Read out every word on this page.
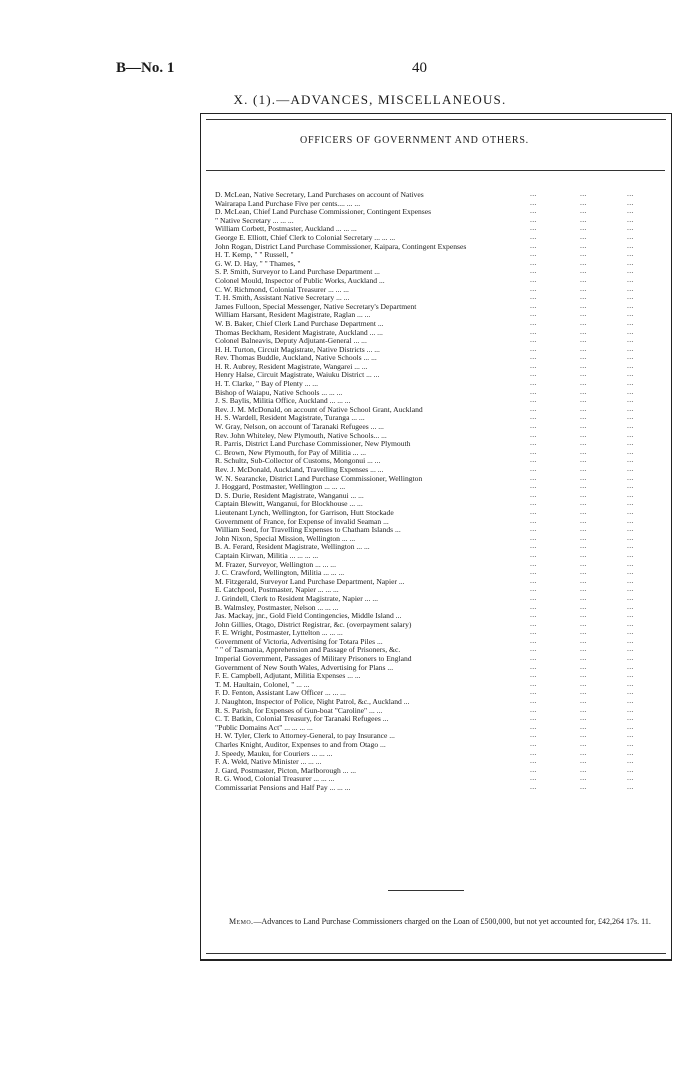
B—No. 1	40
X. (1).—ADVANCES, MISCELLANEOUS.
OFFICERS OF GOVERNMENT AND OTHERS.
D. McLean, Native Secretary, Land Purchases on account of Natives	...	...	...
Wairarapa Land Purchase Five per cents.... ... ...	...	...	...
D. McLean, Chief Land Purchase Commissioner, Contingent Expenses	...	...	...
" Native Secretary ... ... ...	...	...	...
William Corbett, Postmaster, Auckland ... ... ...	...	...	...
George E. Elliott, Chief Clerk to Colonial Secretary ... ... ...	...	...	...
John Rogan, District Land Purchase Commissioner, Kaipara, Contingent Expenses	...	...	...
H. T. Kemp, " " Russell, "	...	...	...
G. W. D. Hay, " " Thames, "	...	...	...
S. P. Smith, Surveyor to Land Purchase Department ...	...	...	...
Colonel Mould, Inspector of Public Works, Auckland ...	...	...	...
C. W. Richmond, Colonial Treasurer ... ... ...	...	...	...
T. H. Smith, Assistant Native Secretary ... ...	...	...	...
James Fulloon, Special Messenger, Native Secretary's Department	...	...	...
William Harsant, Resident Magistrate, Raglan ... ...	...	...	...
W. B. Baker, Chief Clerk Land Purchase Department ...	...	...	...
Thomas Beckham, Resident Magistrate, Auckland ... ...	...	...	...
Colonel Balneavis, Deputy Adjutant-General ... ...	...	...	...
H. H. Turton, Circuit Magistrate, Native Districts ... ...	...	...	...
Rev. Thomas Buddle, Auckland, Native Schools ... ...	...	...	...
H. R. Aubrey, Resident Magistrate, Wangarei ... ...	...	...	...
Henry Halse, Circuit Magistrate, Waiuku District ... ...	...	...	...
H. T. Clarke, " Bay of Plenty ... ...	...	...	...
Bishop of Waiapu, Native Schools ... ... ...	...	...	...
J. S. Baylis, Militia Office, Auckland ... ... ...	...	...	...
Rev. J. M. McDonald, on account of Native School Grant, Auckland	...	...	...
H. S. Wardell, Resident Magistrate, Turanga ... ...	...	...	...
W. Gray, Nelson, on account of Taranaki Refugees ... ...	...	...	...
Rev. John Whiteley, New Plymouth, Native Schools... ...	...	...	...
R. Parris, District Land Purchase Commissioner, New Plymouth	...	...	...
C. Brown, New Plymouth, for Pay of Militia ... ...	...	...	...
R. Schultz, Sub-Collector of Customs, Mongonui ... ...	...	...	...
Rev. J. McDonald, Auckland, Travelling Expenses ... ...	...	...	...
W. N. Searancke, District Land Purchase Commissioner, Wellington	...	...	...
J. Hoggard, Postmaster, Wellington ... ... ...	...	...	...
D. S. Durie, Resident Magistrate, Wanganui ... ...	...	...	...
Captain Blewitt, Wanganui, for Blockhouse ... ...	...	...	...
Lieutenant Lynch, Wellington, for Garrison, Hutt Stockade	...	...	...
Government of France, for Expense of invalid Seaman ...	...	...	...
William Seed, for Travelling Expenses to Chatham Islands ...	...	...	...
John Nixon, Special Mission, Wellington ... ...	...	...	...
B. A. Ferard, Resident Magistrate, Wellington ... ...	...	...	...
Captain Kirwan, Militia ... ... ... ...	...	...	...
M. Frazer, Surveyor, Wellington ... ... ...	...	...	...
J. C. Crawford, Wellington, Militia ... ... ...	...	...	...
M. Fitzgerald, Surveyor Land Purchase Department, Napier ...	...	...	...
E. Catchpool, Postmaster, Napier ... ... ...	...	...	...
J. Grindell, Clerk to Resident Magistrate, Napier ... ...	...	...	...
B. Walmsley, Postmaster, Nelson ... ... ...	...	...	...
Jas. Mackay, jnr., Gold Field Contingencies, Middle Island ...	...	...	...
John Gillies, Otago, District Registrar, &c. (overpayment salary)	...	...	...
F. E. Wright, Postmaster, Lyttelton ... ... ...	...	...	...
Government of Victoria, Advertising for Totara Piles ...	...	...	...
" " of Tasmania, Apprehension and Passage of Prisoners, &c.	...	...	...
Imperial Government, Passages of Military Prisoners to England	...	...	...
Government of New South Wales, Advertising for Plans ...	...	...	...
F. E. Campbell, Adjutant, Militia Expenses ... ...	...	...	...
T. M. Haultain, Colonel, " ... ...	...	...	...
F. D. Fenton, Assistant Law Officer ... ... ...	...	...	...
J. Naughton, Inspector of Police, Night Patrol, &c., Auckland ...	...	...	...
R. S. Parish, for Expenses of Gun-boat "Caroline" ... ...	...	...	...
C. T. Batkin, Colonial Treasury, for Taranaki Refugees ...	...	...	...
"Public Domains Act" ... ... ... ...	...	...	...
H. W. Tyler, Clerk to Attorney-General, to pay Insurance ...	...	...	...
Charles Knight, Auditor, Expenses to and from Otago ...	...	...	...
J. Speedy, Mauku, for Couriers ... ... ...	...	...	...
F. A. Weld, Native Minister ... ... ...	...	...	...
J. Gard, Postmaster, Picton, Marlborough ... ...	...	...	...
R. G. Wood, Colonial Treasurer ... ... ...	...	...	...
Commissariat Pensions and Half Pay ... ... ...	...	...	...

Memo.—Advances to Land Purchase Commissioners charged on the Loan of £500,000, but not yet accounted for, £42,264 17s. 11.
